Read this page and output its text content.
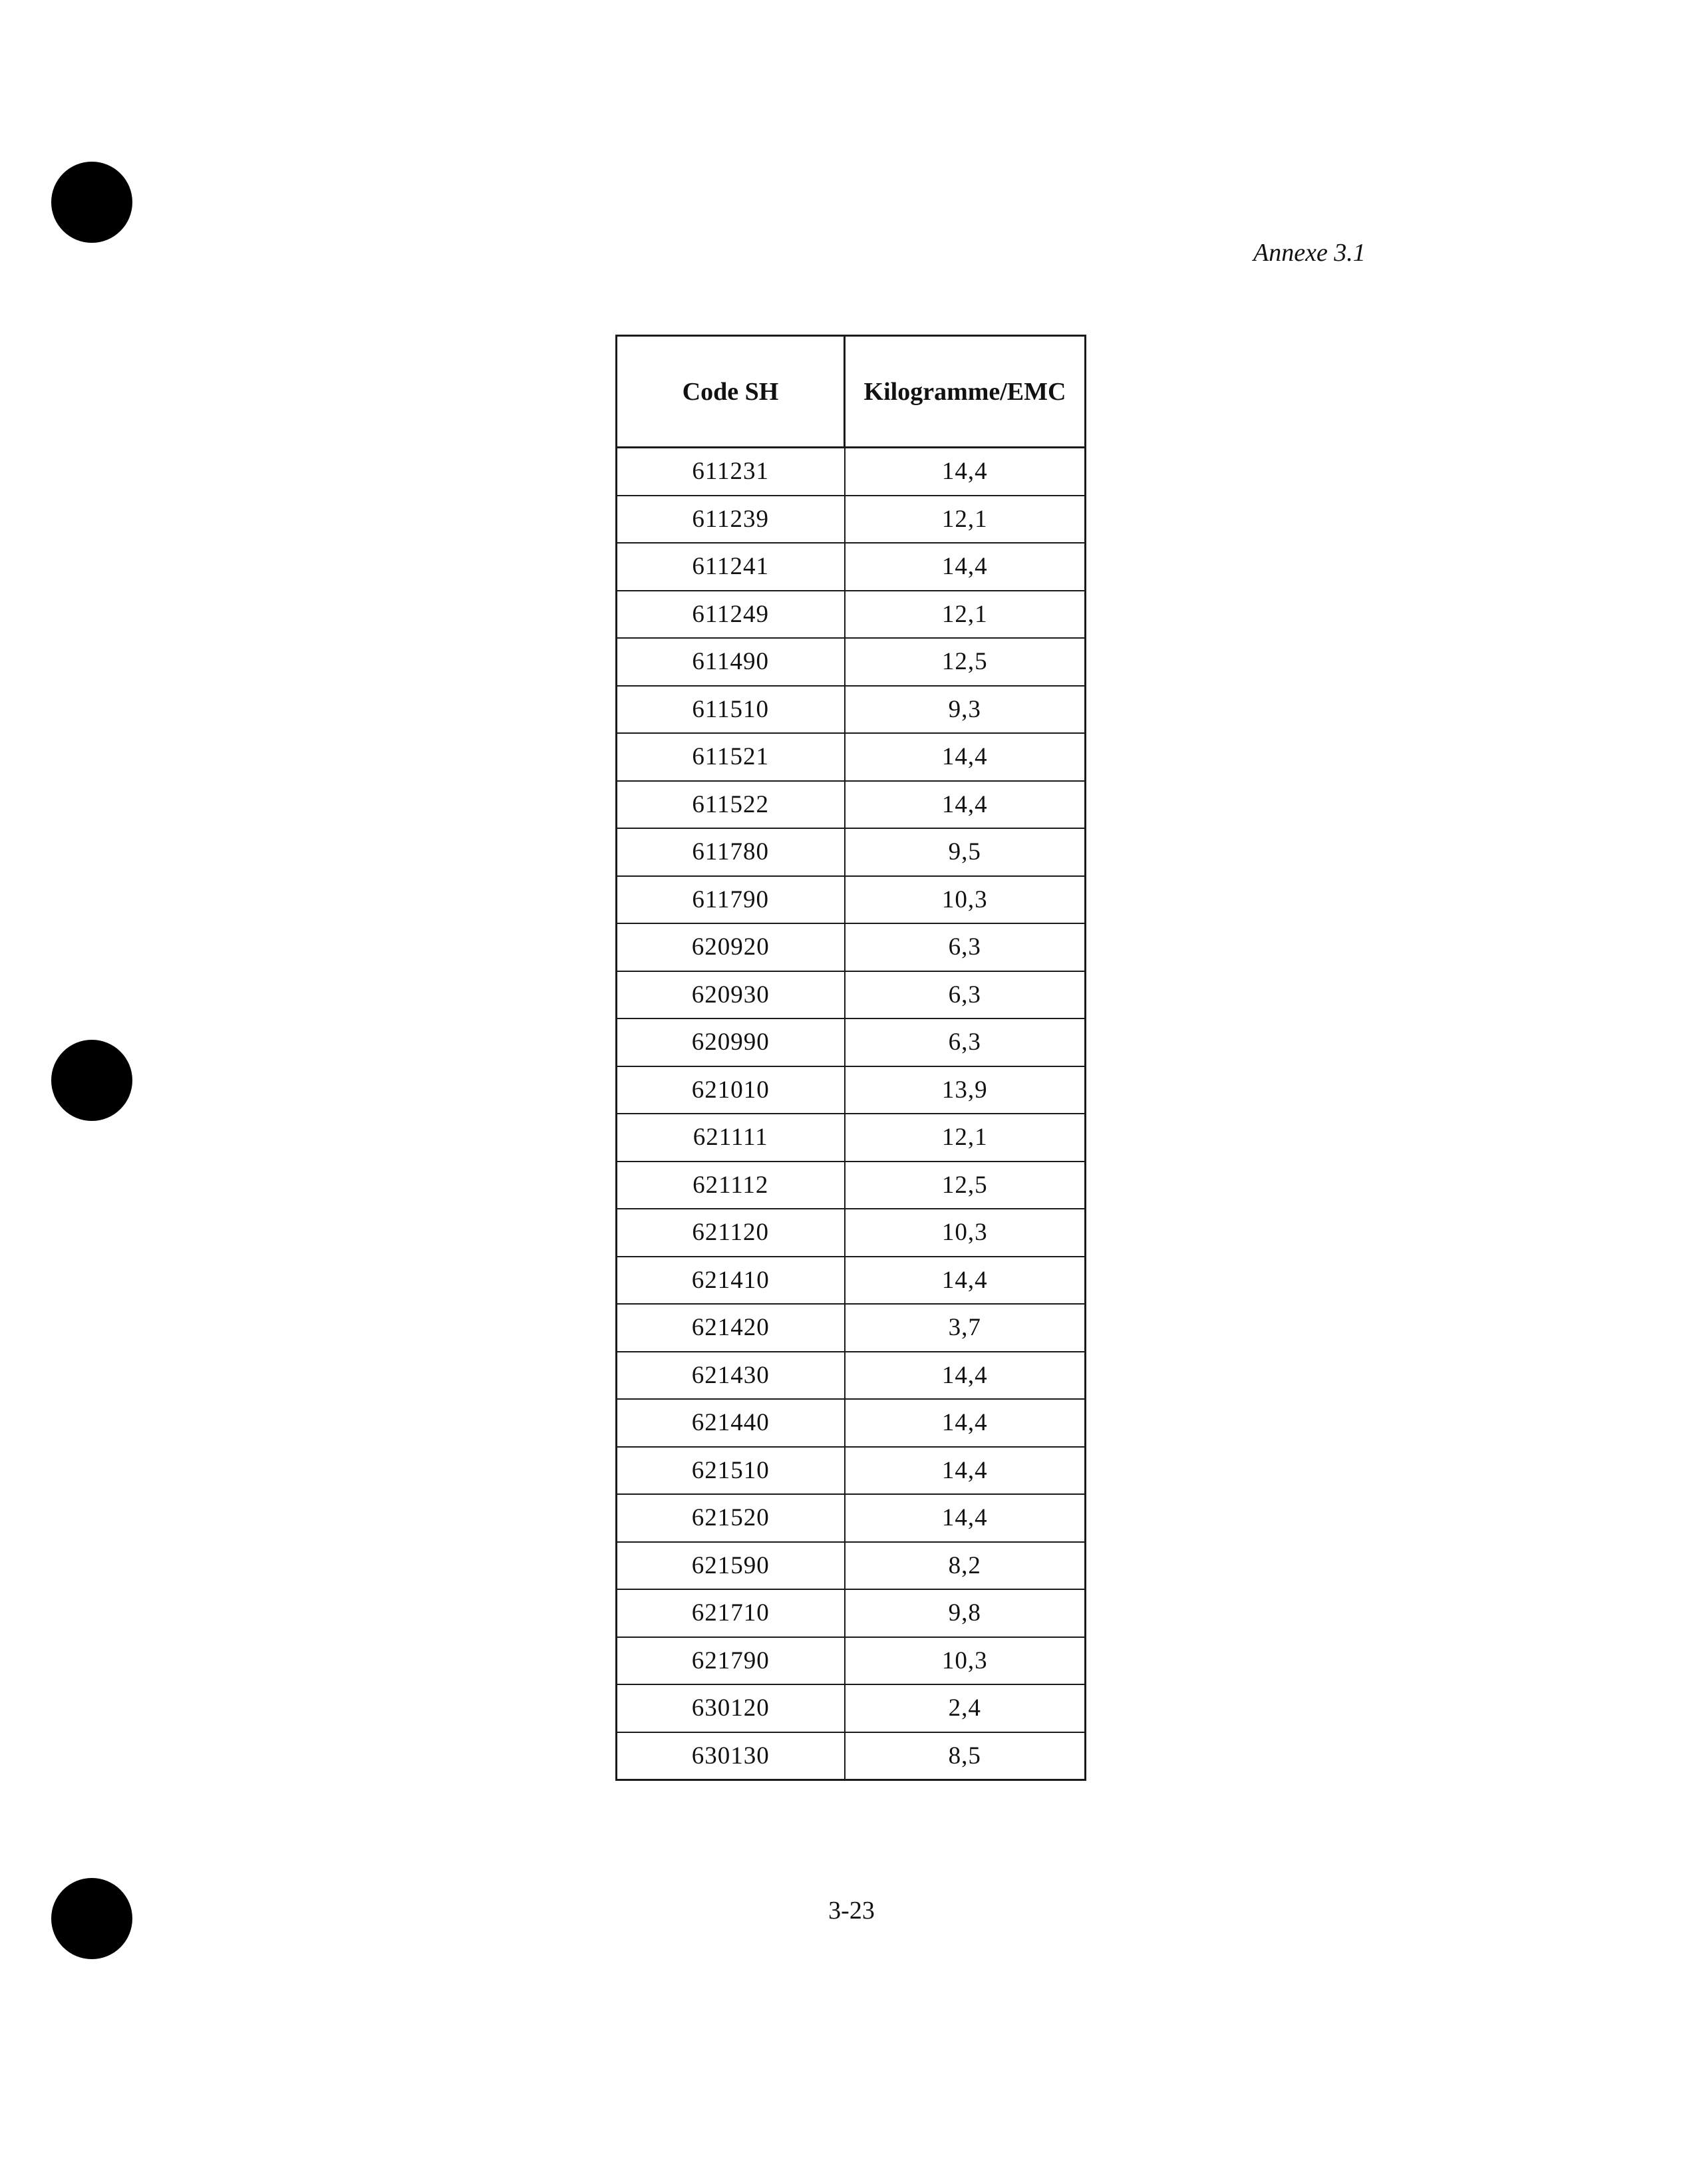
Annexe 3.1
Code SH	Kilogramme/EMC
611231	14,4
611239	12,1
611241	14,4
611249	12,1
611490	12,5
611510	9,3
611521	14,4
611522	14,4
611780	9,5
611790	10,3
620920	6,3
620930	6,3
620990	6,3
621010	13,9
621111	12,1
621112	12,5
621120	10,3
621410	14,4
621420	3,7
621430	14,4
621440	14,4
621510	14,4
621520	14,4
621590	8,2
621710	9,8
621790	10,3
630120	2,4
630130	8,5
3-23
